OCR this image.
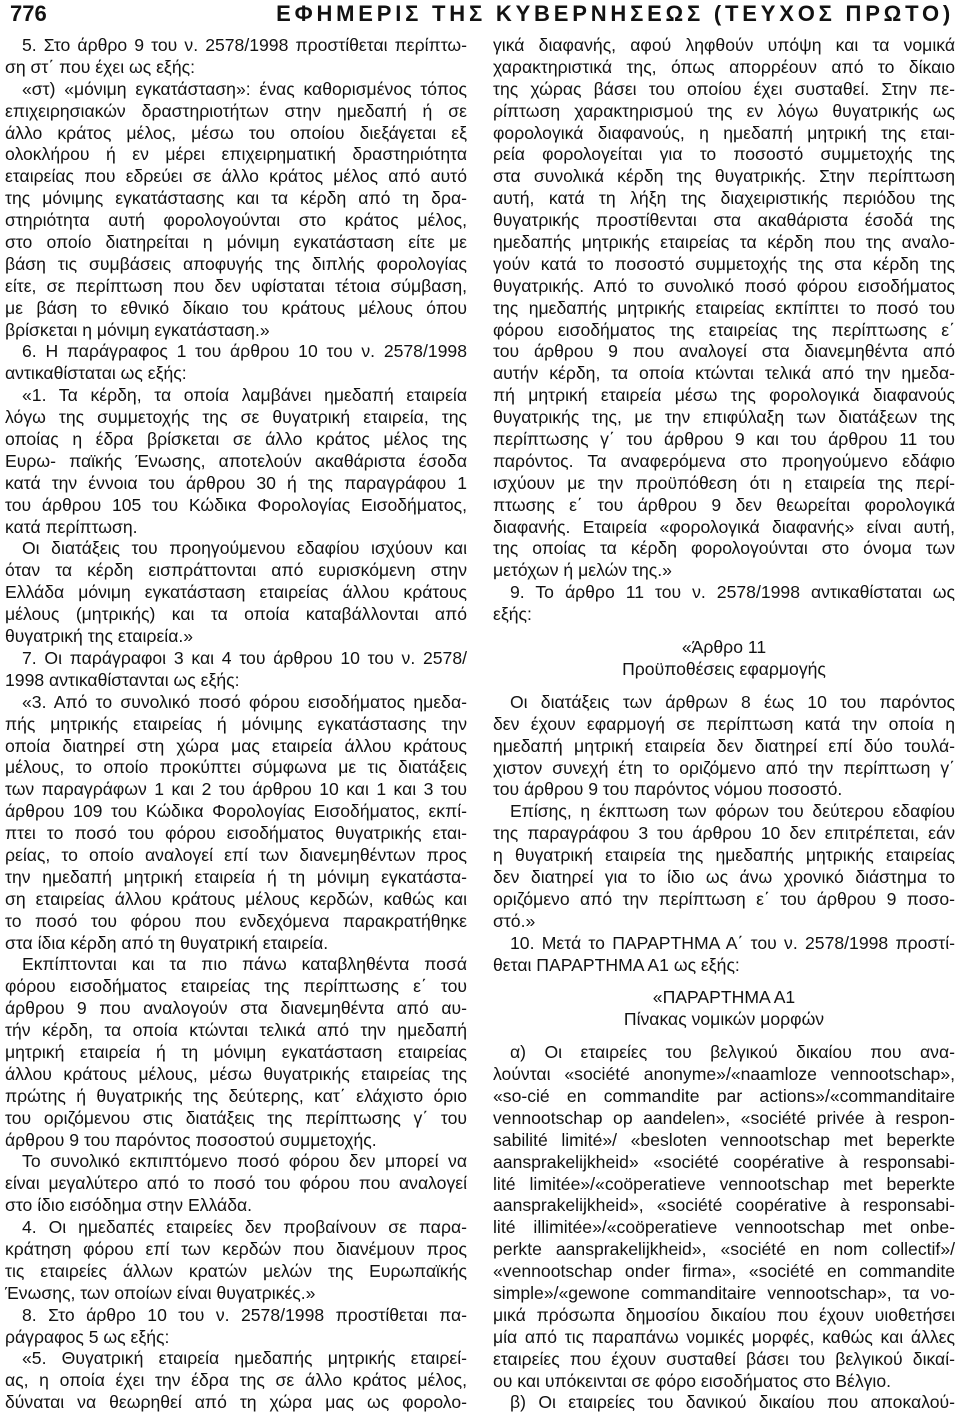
776	ΕΦΗΜΕΡΙΣ ΤΗΣ ΚΥΒΕΡΝΗΣΕΩΣ (ΤΕΥΧΟΣ ΠΡΩΤΟ)
5. Στο άρθρο 9 του ν. 2578/1998 προστίθεται περίπτω-
ση στ΄ που έχει ως εξής:
«στ) «μόνιμη εγκατάσταση»: ένας καθορισμένος τόπος
επιχειρησιακών δραστηριοτήτων στην ημεδαπή ή σε
άλλο κράτος μέλος, μέσω του οποίου διεξάγεται εξ
ολοκλήρου ή εν μέρει επιχειρηματική δραστηριότητα
εταιρείας που εδρεύει σε άλλο κράτος μέλος από αυτό
της μόνιμης εγκατάστασης και τα κέρδη από τη δρα-
στηριότητα αυτή φορολογούνται στο κράτος μέλος,
στο οποίο διατηρείται η μόνιμη εγκατάσταση είτε με
βάση τις συμβάσεις αποφυγής της διπλής φορολογίας
είτε, σε περίπτωση που δεν υφίσταται τέτοια σύμβαση,
με βάση το εθνικό δίκαιο του κράτους μέλους όπου
βρίσκεται η μόνιμη εγκατάσταση.»
6. Η παράγραφος 1 του άρθρου 10 του ν. 2578/1998
αντικαθίσταται ως εξής:
«1. Τα κέρδη, τα οποία λαμβάνει ημεδαπή εταιρεία
λόγω της συμμετοχής της σε θυγατρική εταιρεία, της
οποίας η έδρα βρίσκεται σε άλλο κράτος μέλος της
Ευρω- παϊκής Ένωσης, αποτελούν ακαθάριστα έσοδα
κατά την έννοια του άρθρου 30 ή της παραγράφου 1
του άρθρου 105 του Κώδικα Φορολογίας Εισοδήματος,
κατά περίπτωση.
Οι διατάξεις του προηγούμενου εδαφίου ισχύουν και
όταν τα κέρδη εισπράττονται από ευρισκόμενη στην
Ελλάδα μόνιμη εγκατάσταση εταιρείας άλλου κράτους
μέλους (μητρικής) και τα οποία καταβάλλονται από
θυγατρική της εταιρεία.»
7. Οι παράγραφοι 3 και 4 του άρθρου 10 του ν. 2578/
1998 αντικαθίστανται ως εξής:
«3. Από το συνολικό ποσό φόρου εισοδήματος ημεδα-
πής μητρικής εταιρείας ή μόνιμης εγκατάστασης την
οποία διατηρεί στη χώρα μας εταιρεία άλλου κράτους
μέλους, το οποίο προκύπτει σύμφωνα με τις διατάξεις
των παραγράφων 1 και 2 του άρθρου 10 και 1 και 3 του
άρθρου 109 του Κώδικα Φορολογίας Εισοδήματος, εκπί-
πτει το ποσό του φόρου εισοδήματος θυγατρικής εται-
ρείας, το οποίο αναλογεί επί των διανεμηθέντων προς
την ημεδαπή μητρική εταιρεία ή τη μόνιμη εγκατάστα-
ση εταιρείας άλλου κράτους μέλους κερδών, καθώς και
το ποσό του φόρου που ενδεχόμενα παρακρατήθηκε
στα ίδια κέρδη από τη θυγατρική εταιρεία.
Εκπίπτονται και τα πιο πάνω καταβληθέντα ποσά
φόρου εισοδήματος εταιρείας της περίπτωσης ε΄ του
άρθρου 9 που αναλογούν στα διανεμηθέντα από αυ-
τήν κέρδη, τα οποία κτώνται τελικά από την ημεδαπή
μητρική εταιρεία ή τη μόνιμη εγκατάσταση εταιρείας
άλλου κράτους μέλους, μέσω θυγατρικής εταιρείας της
πρώτης ή θυγατρικής της δεύτερης, κατ΄ ελάχιστο όριο
του οριζόμενου στις διατάξεις της περίπτωσης γ΄ του
άρθρου 9 του παρόντος ποσοστού συμμετοχής.
Το συνολικό εκπιπτόμενο ποσό φόρου δεν μπορεί να
είναι μεγαλύτερο από το ποσό του φόρου που αναλογεί
στο ίδιο εισόδημα στην Ελλάδα.
4. Οι ημεδαπές εταιρείες δεν προβαίνουν σε παρα-
κράτηση φόρου επί των κερδών που διανέμουν προς
τις εταιρείες άλλων κρατών μελών της Ευρωπαϊκής
Ένωσης, των οποίων είναι θυγατρικές.»
8. Στο άρθρο 10 του ν. 2578/1998 προστίθεται πα-
ράγραφος 5 ως εξής:
«5. Θυγατρική εταιρεία ημεδαπής μητρικής εταιρεί-
ας, η οποία έχει την έδρα της σε άλλο κράτος μέλος,
δύναται να θεωρηθεί από τη χώρα μας ως φορολο-
γικά διαφανής, αφού ληφθούν υπόψη και τα νομικά
χαρακτηριστικά της, όπως απορρέουν από το δίκαιο
της χώρας βάσει του οποίου έχει συσταθεί. Στην πε-
ρίπτωση χαρακτηρισμού της εν λόγω θυγατρικής ως
φορολογικά διαφανούς, η ημεδαπή μητρική της εται-
ρεία φορολογείται για το ποσοστό συμμετοχής της
στα συνολικά κέρδη της θυγατρικής. Στην περίπτωση
αυτή, κατά τη λήξη της διαχειριστικής περιόδου της
θυγατρικής προστίθενται στα ακαθάριστα έσοδά της
ημεδαπής μητρικής εταιρείας τα κέρδη που της αναλο-
γούν κατά το ποσοστό συμμετοχής της στα κέρδη της
θυγατρικής. Από το συνολικό ποσό φόρου εισοδήματος
της ημεδαπής μητρικής εταιρείας εκπίπτει το ποσό του
φόρου εισοδήματος της εταιρείας της περίπτωσης ε΄
του άρθρου 9 που αναλογεί στα διανεμηθέντα από
αυτήν κέρδη, τα οποία κτώνται τελικά από την ημεδα-
πή μητρική εταιρεία μέσω της φορολογικά διαφανούς
θυγατρικής της, με την επιφύλαξη των διατάξεων της
περίπτωσης γ΄ του άρθρου 9 και του άρθρου 11 του
παρόντος. Τα αναφερόμενα στο προηγούμενο εδάφιο
ισχύουν με την προϋπόθεση ότι η εταιρεία της περί-
πτωσης ε΄ του άρθρου 9 δεν θεωρείται φορολογικά
διαφανής. Εταιρεία «φορολογικά διαφανής» είναι αυτή,
της οποίας τα κέρδη φορολογούνται στο όνομα των
μετόχων ή μελών της.»
9. Το άρθρο 11 του ν. 2578/1998 αντικαθίσταται ως
εξής:
«Άρθρο 11
Προϋποθέσεις εφαρμογής
Οι διατάξεις των άρθρων 8 έως 10 του παρόντος
δεν έχουν εφαρμογή σε περίπτωση κατά την οποία η
ημεδαπή μητρική εταιρεία δεν διατηρεί επί δύο τουλά-
χιστον συνεχή έτη το οριζόμενο από την περίπτωση γ΄
του άρθρου 9 του παρόντος νόμου ποσοστό.
Επίσης, η έκπτωση των φόρων του δεύτερου εδαφίου
της παραγράφου 3 του άρθρου 10 δεν επιτρέπεται, εάν
η θυγατρική εταιρεία της ημεδαπής μητρικής εταιρείας
δεν διατηρεί για το ίδιο ως άνω χρονικό διάστημα το
οριζόμενο από την περίπτωση ε΄ του άρθρου 9 ποσο-
στό.»
10. Μετά το ΠΑΡΑΡΤΗΜΑ Α΄ του ν. 2578/1998 προστί-
θεται ΠΑΡΑΡΤΗΜΑ Α1 ως εξής:
«ΠΑΡΑΡΤΗΜΑ Α1
Πίνακας νομικών μορφών
α) Οι εταιρείες του βελγικού δικαίου που ανα-
λούνται «société anonyme»/«naamloze vennootschap»,
«so-cié en commandite par actions»/«commanditaire
vennootschap op aandelen», «société privée à respon-
sabilité limité»/ «besloten vennootschap met beperkte
aansprakelijkheid» «société coopérative à responsabi-
lité limitée»/«coöperatieve vennootschap met beperkte
aansprakelijkheid», «société coopérative à responsabi-
lité illimitée»/«coöperatieve vennootschap met onbe-
perkte aansprakelijkheid», «société en nom collectif»/
«vennootschap onder firma», «société en commandite
simple»/«gewone commanditaire vennootschap», τα νο-
μικά πρόσωπα δημοσίου δικαίου που έχουν υιοθετήσει
μία από τις παραπάνω νομικές μορφές, καθώς και άλλες
εταιρείες που έχουν συσταθεί βάσει του βελγικού δικαί-
ου και υπόκεινται σε φόρο εισοδήματος στο Βέλγιο.
β) Οι εταιρείες του δανικού δικαίου που αποκαλού-
